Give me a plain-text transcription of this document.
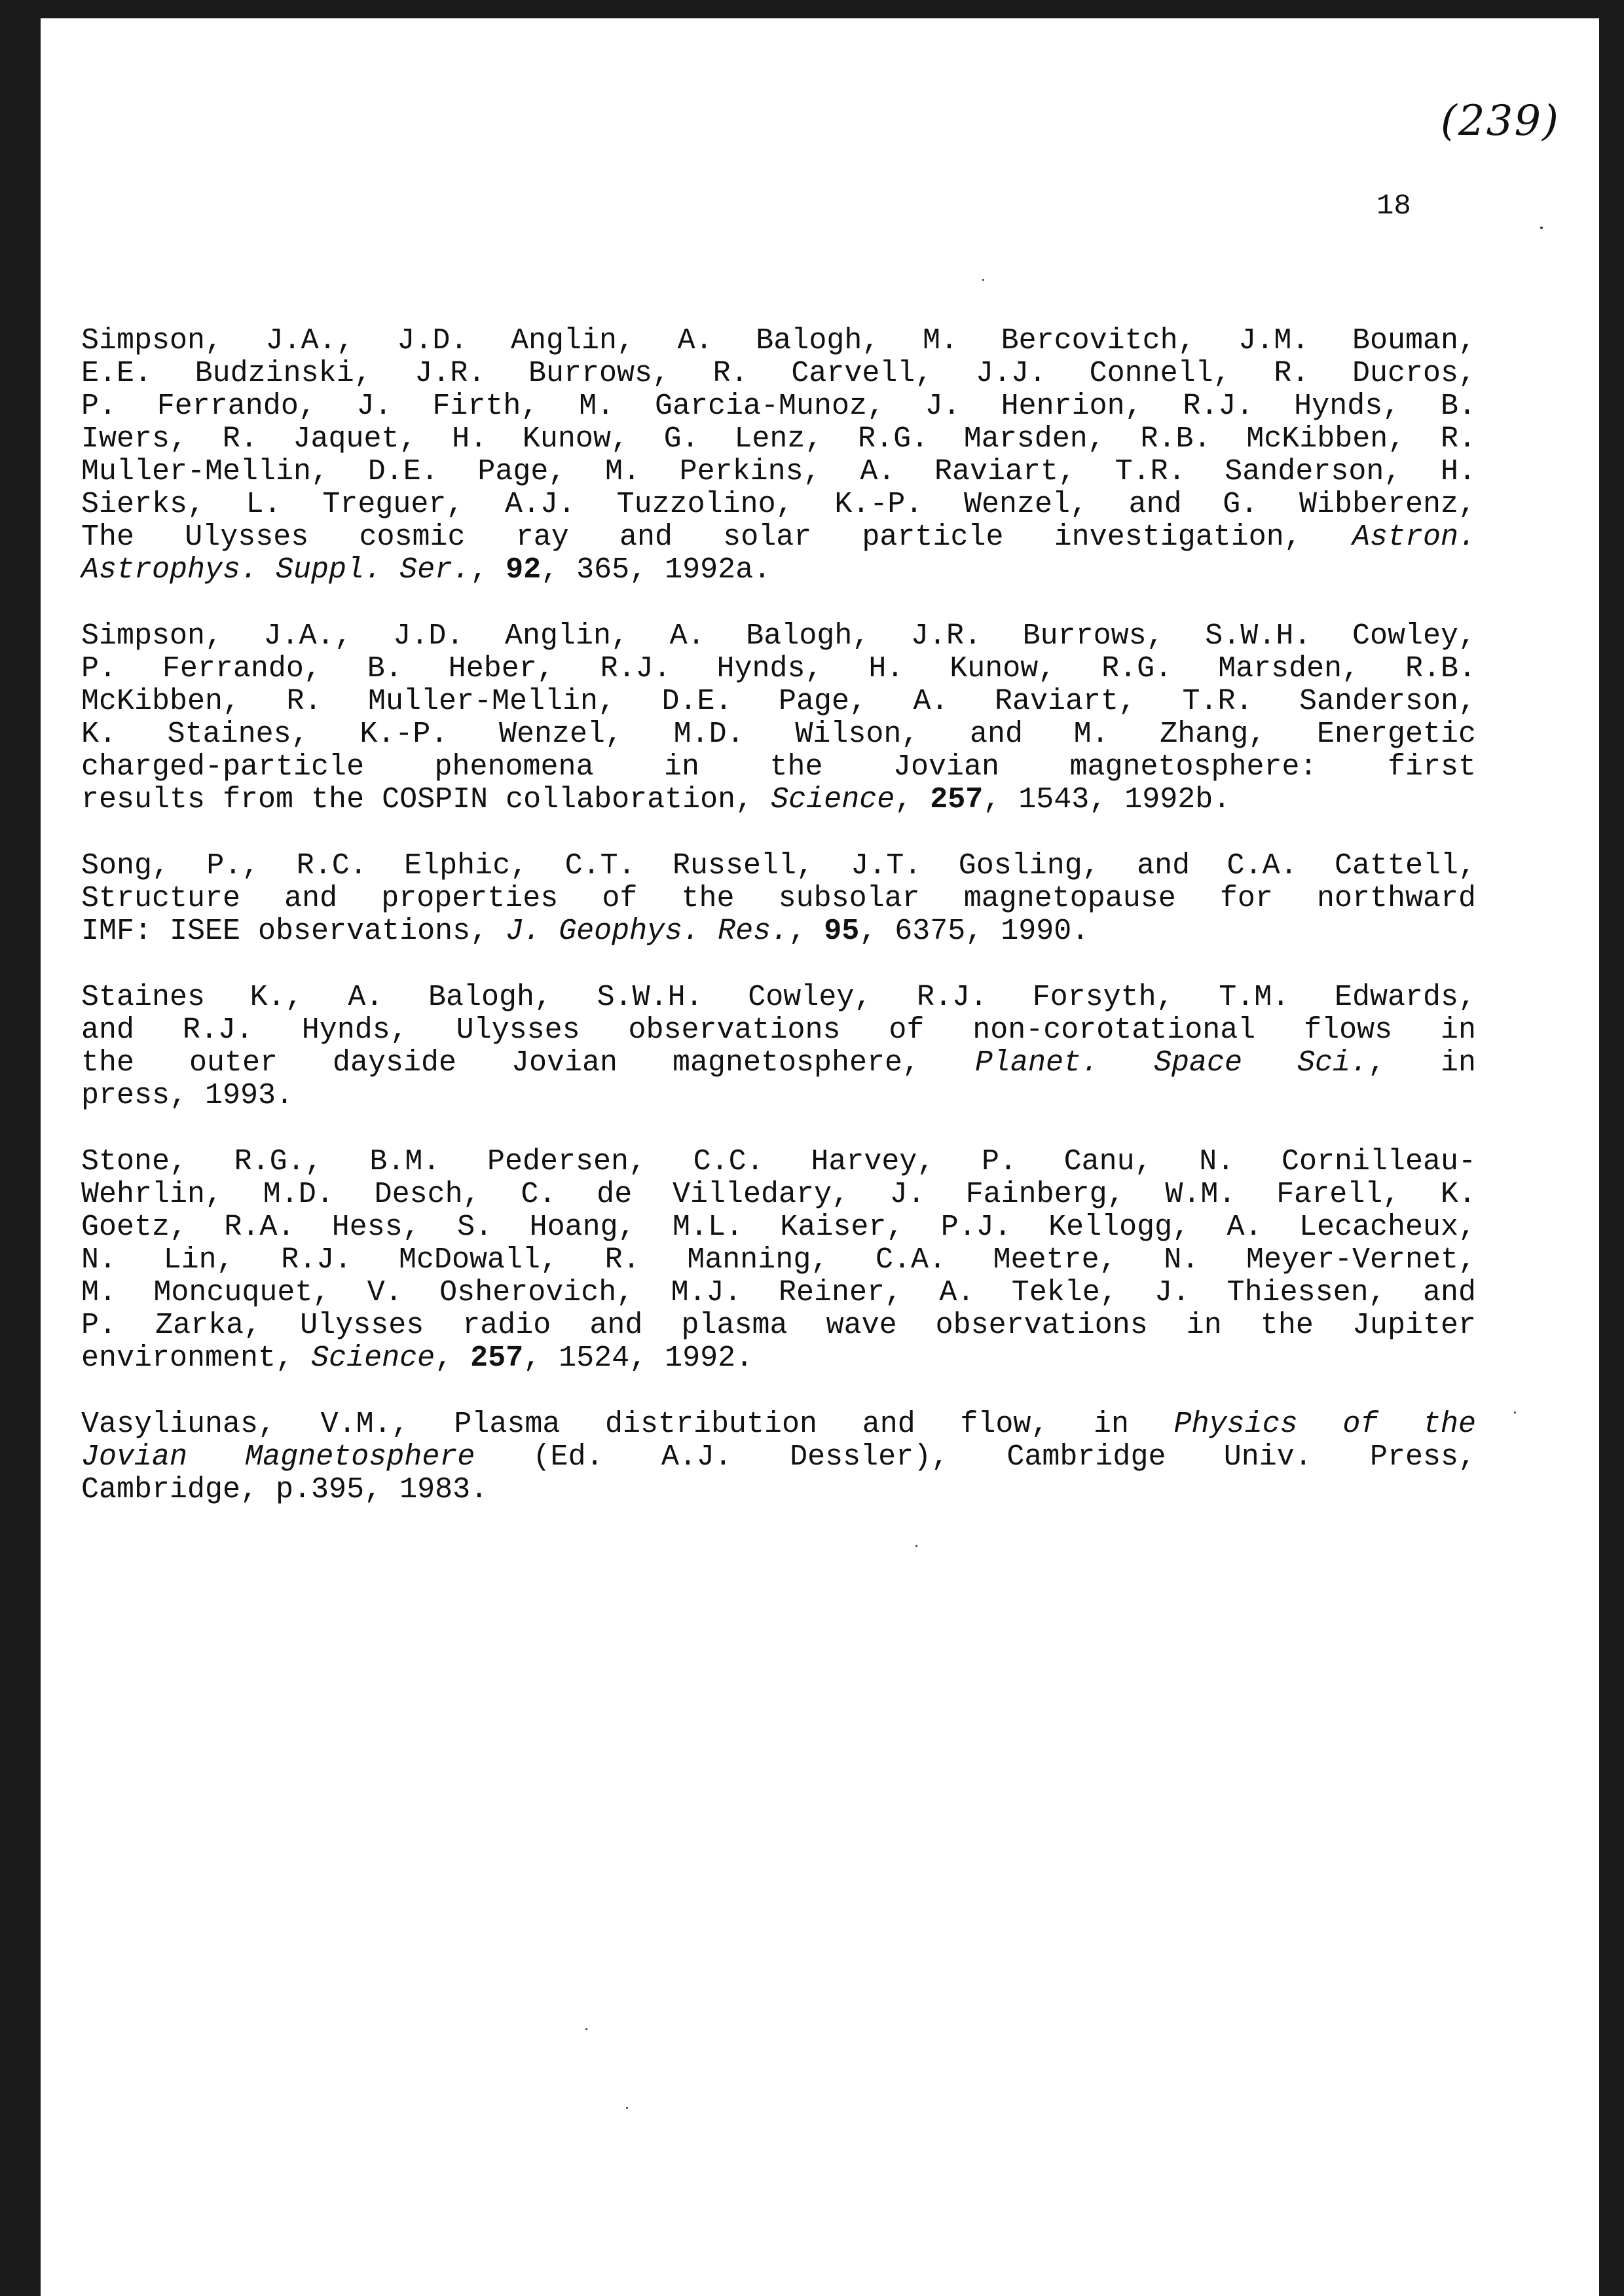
(239)
18
Simpson, J.A., J.D. Anglin, A. Balogh, M. Bercovitch, J.M. Bouman,
E.E. Budzinski, J.R. Burrows, R. Carvell, J.J. Connell, R. Ducros,
P. Ferrando, J. Firth, M. Garcia-Munoz, J. Henrion, R.J. Hynds, B.
Iwers, R. Jaquet, H. Kunow, G. Lenz, R.G. Marsden, R.B. McKibben, R.
Muller-Mellin, D.E. Page, M. Perkins, A. Raviart, T.R. Sanderson, H.
Sierks, L. Treguer, A.J. Tuzzolino, K.-P. Wenzel, and G. Wibberenz,
The Ulysses cosmic ray and solar particle investigation, Astron.
Astrophys. Suppl. Ser., 92, 365, 1992a.
Simpson, J.A., J.D. Anglin, A. Balogh, J.R. Burrows, S.W.H. Cowley,
P. Ferrando, B. Heber, R.J. Hynds, H. Kunow, R.G. Marsden, R.B.
McKibben, R. Muller-Mellin, D.E. Page, A. Raviart, T.R. Sanderson,
K. Staines, K.-P. Wenzel, M.D. Wilson, and M. Zhang, Energetic
charged-particle phenomena in the Jovian magnetosphere: first
results from the COSPIN collaboration, Science, 257, 1543, 1992b.
Song, P., R.C. Elphic, C.T. Russell, J.T. Gosling, and C.A. Cattell,
Structure and properties of the subsolar magnetopause for northward
IMF: ISEE observations, J. Geophys. Res., 95, 6375, 1990.
Staines K., A. Balogh, S.W.H. Cowley, R.J. Forsyth, T.M. Edwards,
and R.J. Hynds, Ulysses observations of non-corotational flows in
the outer dayside Jovian magnetosphere, Planet. Space Sci., in
press, 1993.
Stone, R.G., B.M. Pedersen, C.C. Harvey, P. Canu, N. Cornilleau-
Wehrlin, M.D. Desch, C. de Villedary, J. Fainberg, W.M. Farell, K.
Goetz, R.A. Hess, S. Hoang, M.L. Kaiser, P.J. Kellogg, A. Lecacheux,
N. Lin, R.J. McDowall, R. Manning, C.A. Meetre, N. Meyer-Vernet,
M. Moncuquet, V. Osherovich, M.J. Reiner, A. Tekle, J. Thiessen, and
P. Zarka, Ulysses radio and plasma wave observations in the Jupiter
environment, Science, 257, 1524, 1992.
Vasyliunas, V.M., Plasma distribution and flow, in Physics of the
Jovian Magnetosphere (Ed. A.J. Dessler), Cambridge Univ. Press,
Cambridge, p.395, 1983.
